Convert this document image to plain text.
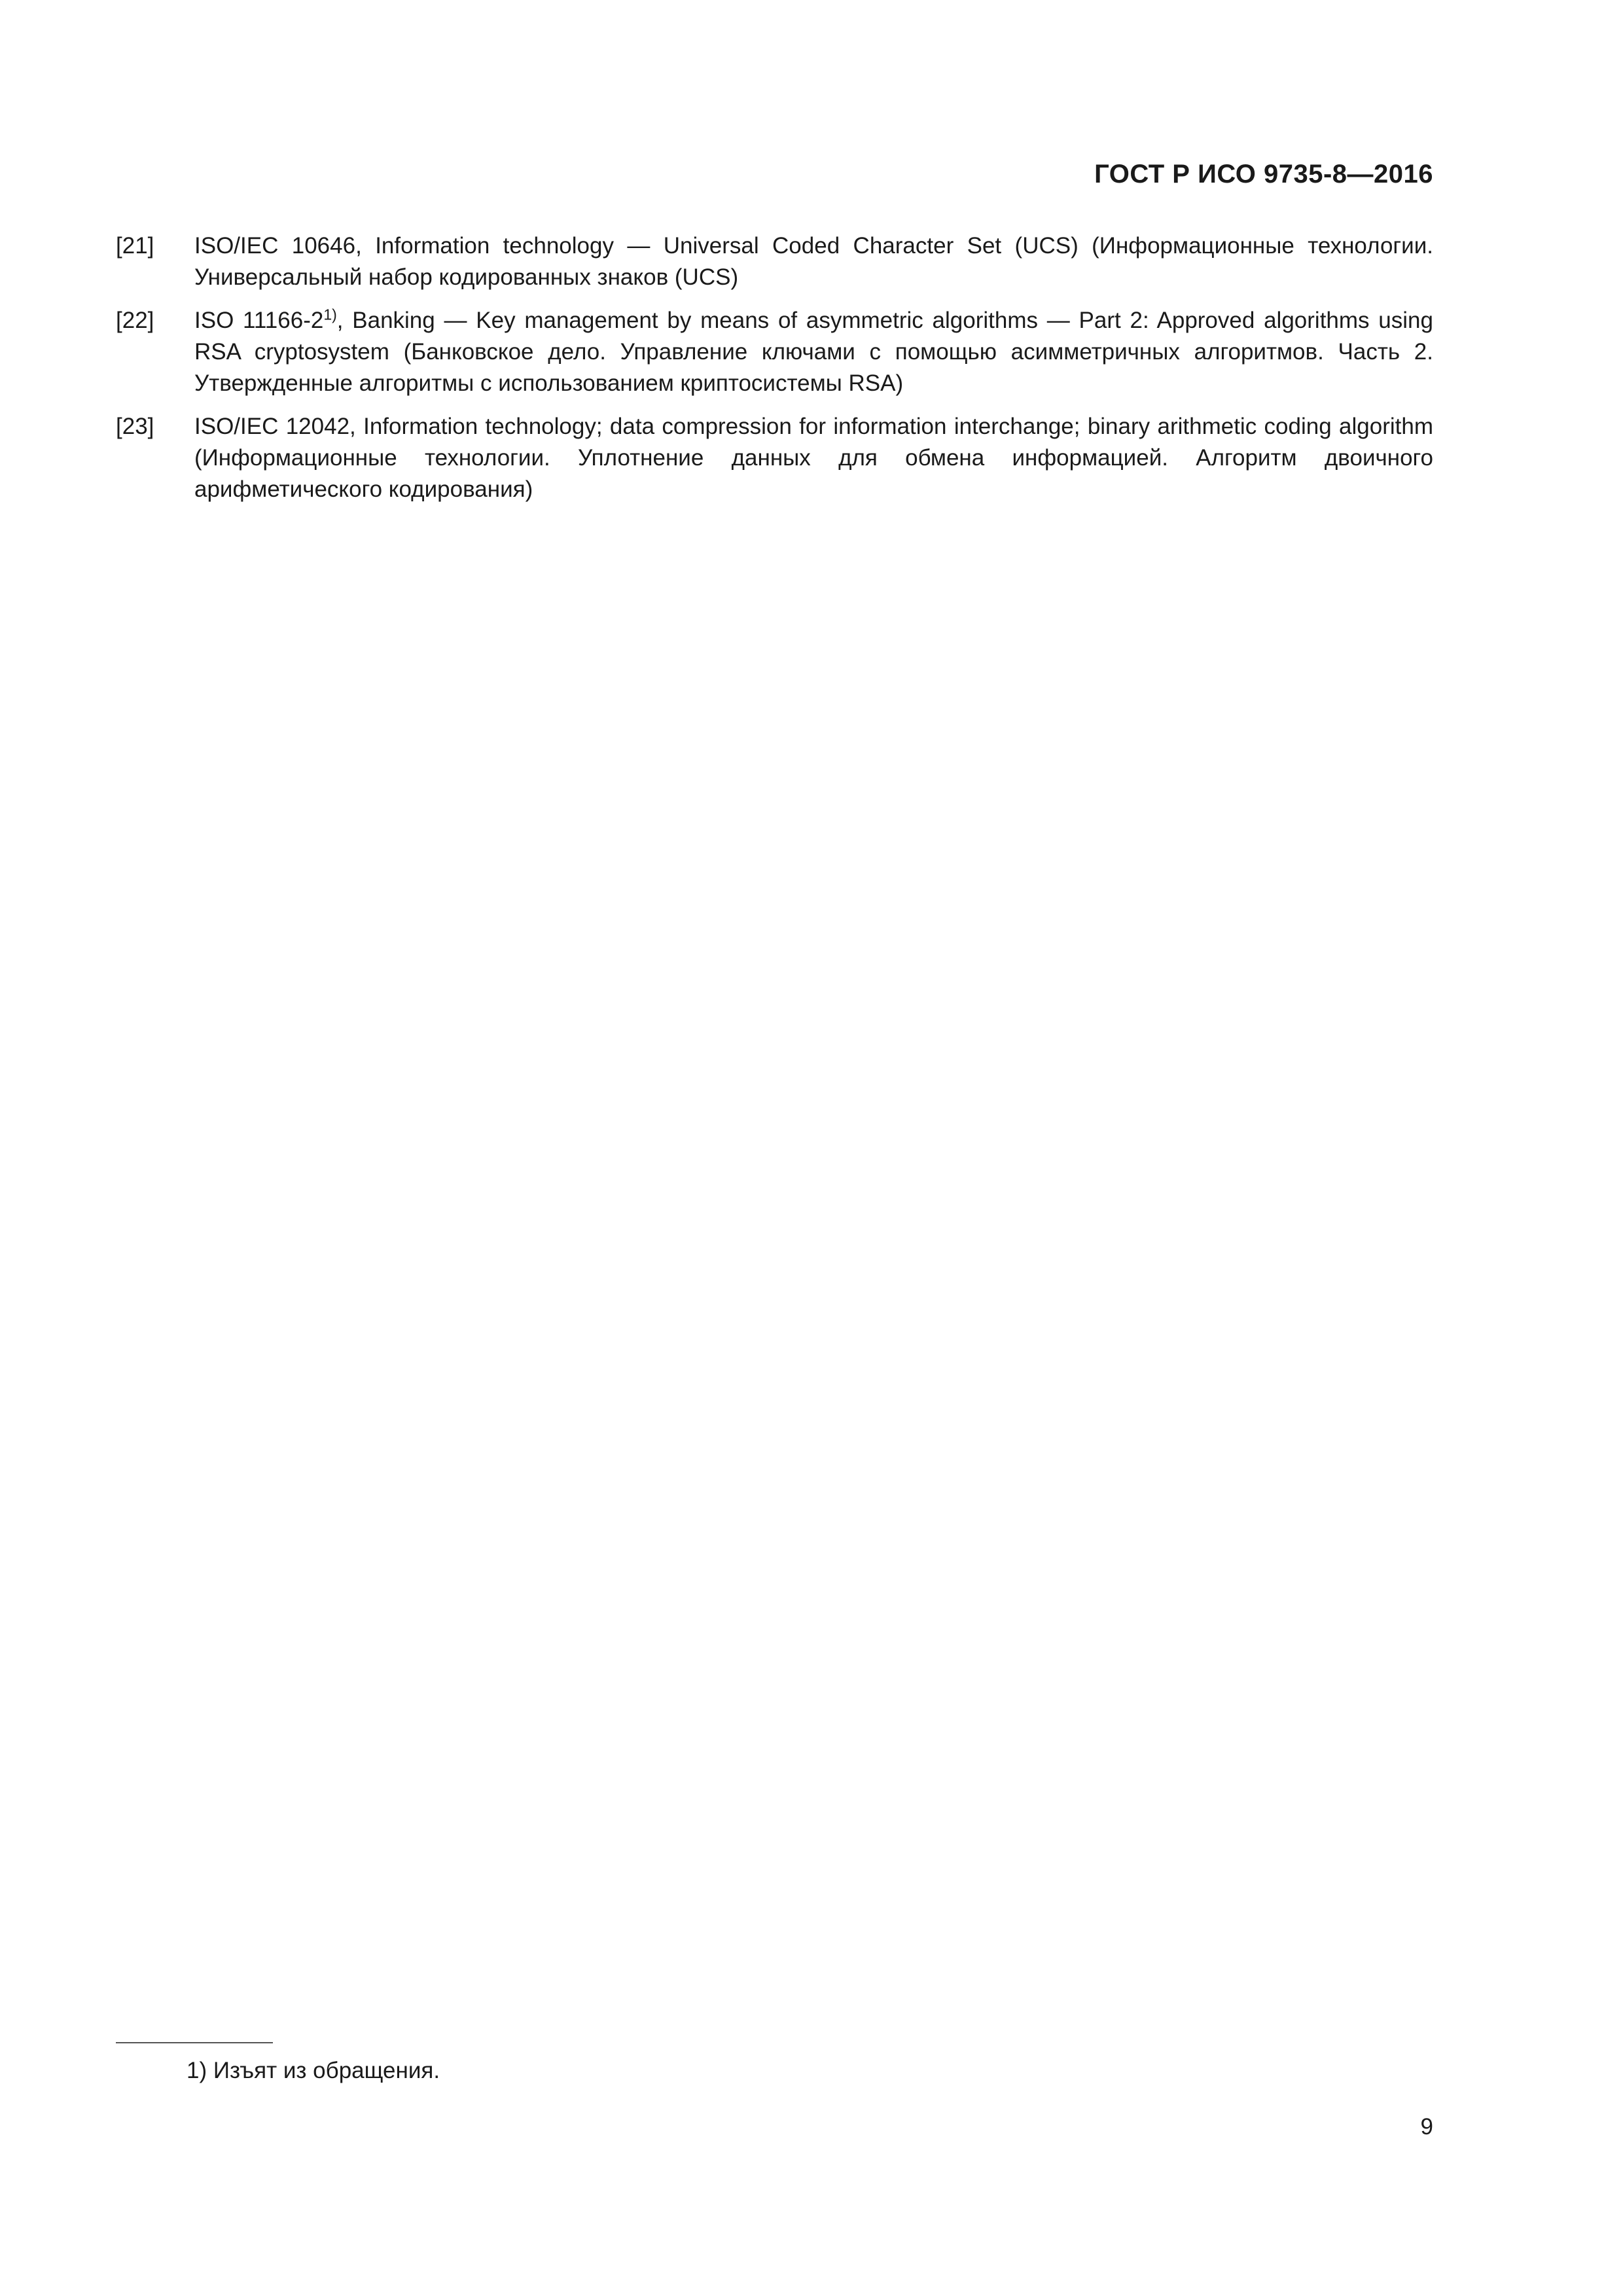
ГОСТ Р ИСО 9735-8—2016
[21]	ISO/IEC 10646, Information technology — Universal Coded Character Set (UCS) (Информационные технологии. Универсальный набор кодированных знаков (UCS)
[22]	ISO 11166-2$^{1)}$, Banking — Key management by means of asymmetric algorithms — Part 2: Approved algorithms using RSA cryptosystem (Банковское дело. Управление ключами с помощью асимметричных алгоритмов. Часть 2. Утвержденные алгоритмы с использованием криптосистемы RSA)
[23]	ISO/IEC 12042, Information technology; data compression for information interchange; binary arithmetic coding algorithm (Информационные технологии. Уплотнение данных для обмена информацией. Алгоритм двоичного арифметического кодирования)
1) Изъят из обращения.
9
